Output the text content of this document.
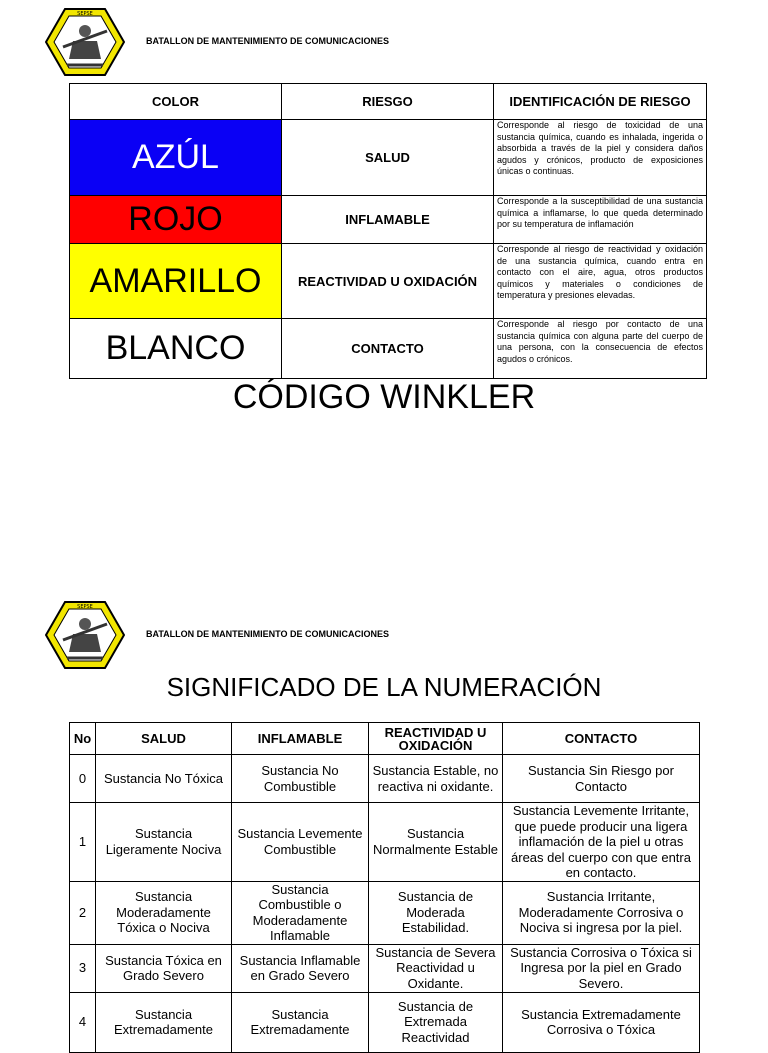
SEPSE
BATALLON DE MANTENIMIENTO DE COMUNICACIONES
COLOR	RIESGO	IDENTIFICACIÓN DE RIESGO
AZÚL	SALUD	Corresponde al riesgo de toxicidad de una sustancia química, cuando es inhalada, ingerida o absorbida a través de la piel y considera daños agudos y crónicos, producto de exposiciones únicas o continuas.
ROJO	INFLAMABLE	Corresponde a la susceptibilidad de una sustancia química a inflamarse, lo que queda determinado por su temperatura de inflamación
AMARILLO	REACTIVIDAD U OXIDACIÓN	Corresponde al riesgo de reactividad y oxidación de una sustancia química, cuando entra en contacto con el aire, agua, otros productos químicos y materiales o condiciones de temperatura y presiones elevadas.
BLANCO	CONTACTO	Corresponde al riesgo por contacto de una sustancia química con alguna parte del cuerpo de una persona, con la consecuencia de efectos agudos o crónicos.
CÓDIGO WINKLER
SEPSE
BATALLON DE MANTENIMIENTO DE COMUNICACIONES
SIGNIFICADO DE LA NUMERACIÓN
No	SALUD	INFLAMABLE	REACTIVIDAD U OXIDACIÓN	CONTACTO
0	Sustancia No Tóxica	Sustancia No Combustible	Sustancia Estable, no reactiva ni oxidante.	Sustancia Sin Riesgo por Contacto
1	Sustancia Ligeramente Nociva	Sustancia Levemente Combustible	Sustancia Normalmente Estable	Sustancia Levemente Irritante, que puede producir una ligera inflamación de la piel u otras áreas del cuerpo con que entra en contacto.
2	Sustancia Moderadamente Tóxica o Nociva	Sustancia Combustible o Moderadamente Inflamable	Sustancia de Moderada Estabilidad.	Sustancia Irritante, Moderadamente Corrosiva o Nociva si ingresa por la piel.
3	Sustancia Tóxica en Grado Severo	Sustancia Inflamable en Grado Severo	Sustancia de Severa Reactividad u Oxidante.	Sustancia Corrosiva o Tóxica si Ingresa por la piel en Grado Severo.
4	Sustancia Extremadamente	Sustancia Extremadamente	Sustancia de Extremada Reactividad	Sustancia Extremadamente Corrosiva o Tóxica
